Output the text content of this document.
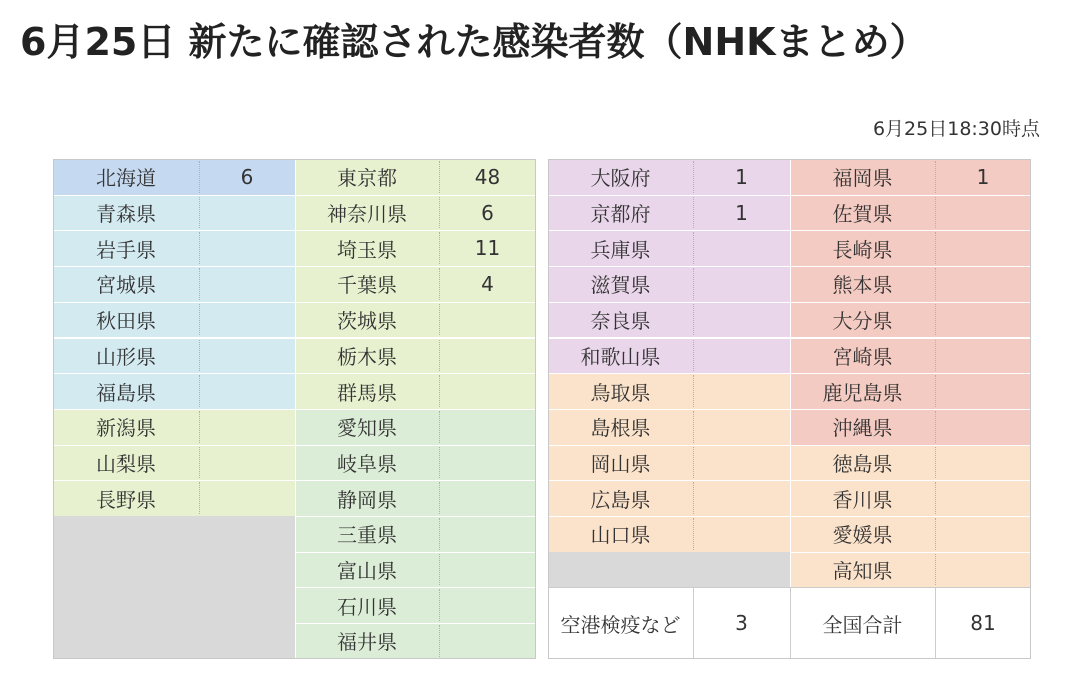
6月25日 新たに確認された感染者数（NHKまとめ）
6月25日18:30時点
北海道	6
青森県
岩手県
宮城県
秋田県
山形県
福島県
新潟県
山梨県
長野県
東京都	48
神奈川県	6
埼玉県	11
千葉県	4
茨城県
栃木県
群馬県
愛知県
岐阜県
静岡県
三重県
富山県
石川県
福井県
大阪府	1
京都府	1
兵庫県
滋賀県
奈良県
和歌山県
鳥取県
島根県
岡山県
広島県
山口県
福岡県	1
佐賀県
長崎県
熊本県
大分県
宮崎県
鹿児島県
沖縄県
徳島県
香川県
愛媛県
高知県
空港検疫など	3	全国合計	81
